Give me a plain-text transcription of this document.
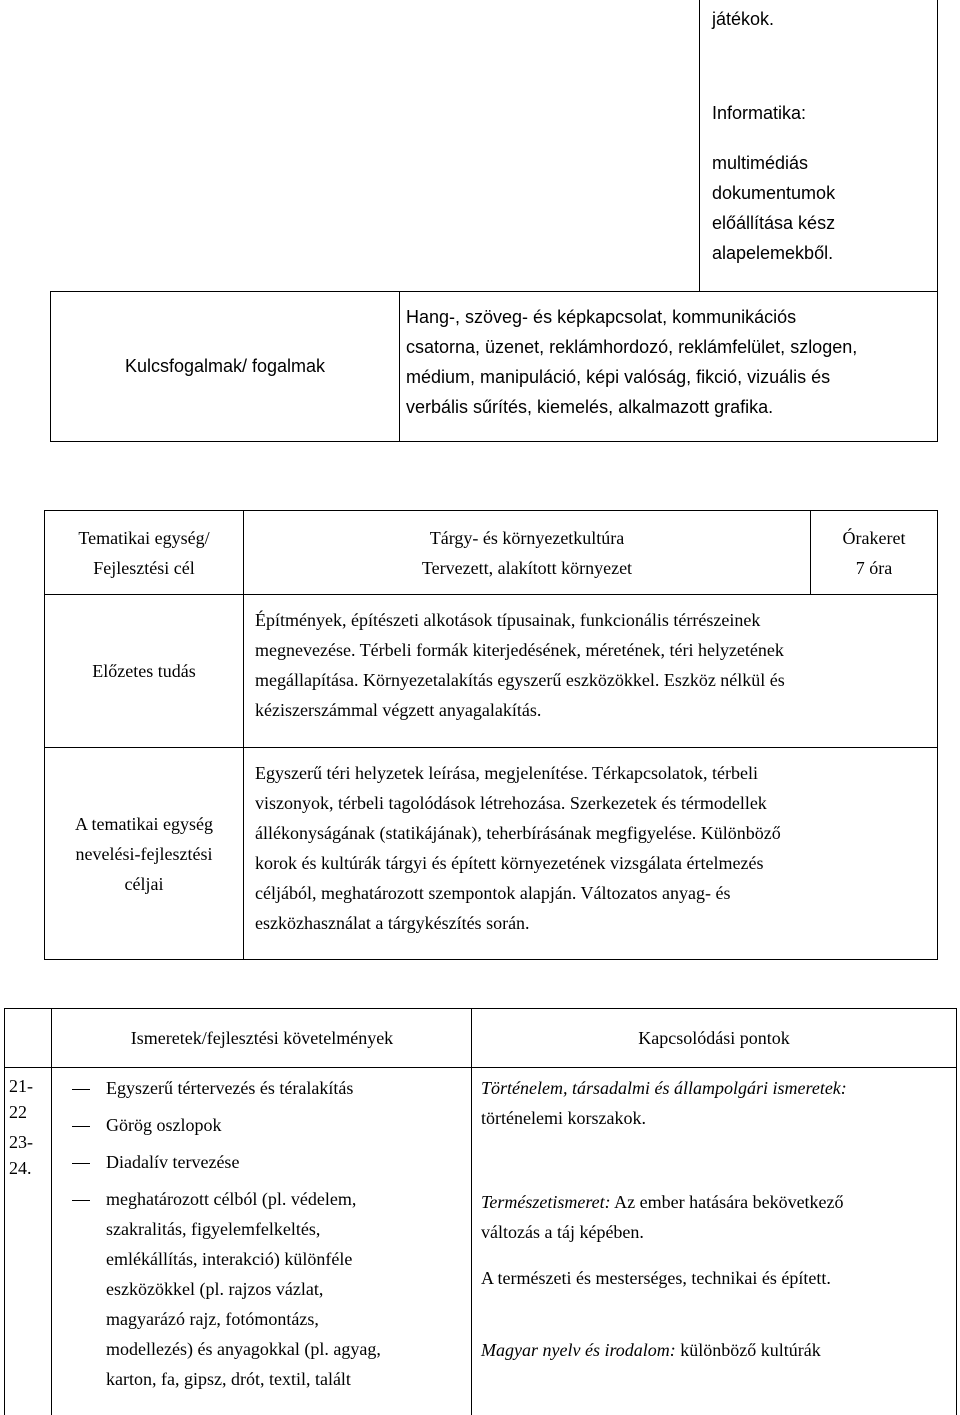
játékok.

Informatika:

multimédiás

dokumentumok

előállítása kész

alapelemekből.

Kulcsfogalmak/ fogalmak

Hang-, szöveg- és képkapcsolat, kommunikációs

csatorna, üzenet, reklámhordozó, reklámfelület, szlogen,

médium, manipuláció, képi valóság, fikció, vizuális és

verbális sűrítés, kiemelés, alkalmazott grafika.

Tematikai egység/
Fejlesztési cél
Tárgy- és környezetkultúra
Tervezett, alakított környezet
Órakeret
7 óra
Előzetes tudás

Építmények, építészeti alkotások típusainak, funkcionális térrészeinek

megnevezése. Térbeli formák kiterjedésének, méretének, téri helyzetének

megállapítása. Környezetalakítás egyszerű eszközökkel. Eszköz nélkül és

kéziszerszámmal végzett anyagalakítás.

A tematikai egység
nevelési-fejlesztési
céljai

Egyszerű téri helyzetek leírása, megjelenítése. Térkapcsolatok, térbeli

viszonyok, térbeli tagolódások létrehozása. Szerkezetek és térmodellek

állékonyságának (statikájának), teherbírásának megfigyelése. Különböző

korok és kultúrák tárgyi és épített környezetének vizsgálata értelmezés

céljából, meghatározott szempontok alapján. Változatos anyag- és

eszközhasználat a tárgykészítés során.

Ismeretek/fejlesztési követelmények	Kapcsolódási pontok

21-

22

23-

24.

Egyszerű tértervezés és téralakítás
Görög oszlopok
Diadalív tervezése
meghatározott célból (pl. védelem,
szakralitás, figyelemfelkeltés,
emlékállítás, interakció) különféle
eszközökkel (pl. rajzos vázlat,
magyarázó rajz, fotómontázs,
modellezés) és anyagokkal (pl. agyag,
karton, fa, gipsz, drót, textil, talált

Történelem, társadalmi és állampolgári ismeretek:
történelemi korszakok.

Természetismeret: Az ember hatására bekövetkező
változás a táj képében.

A természeti és mesterséges, technikai és épített.

Magyar nyelv és irodalom: különböző kultúrák
